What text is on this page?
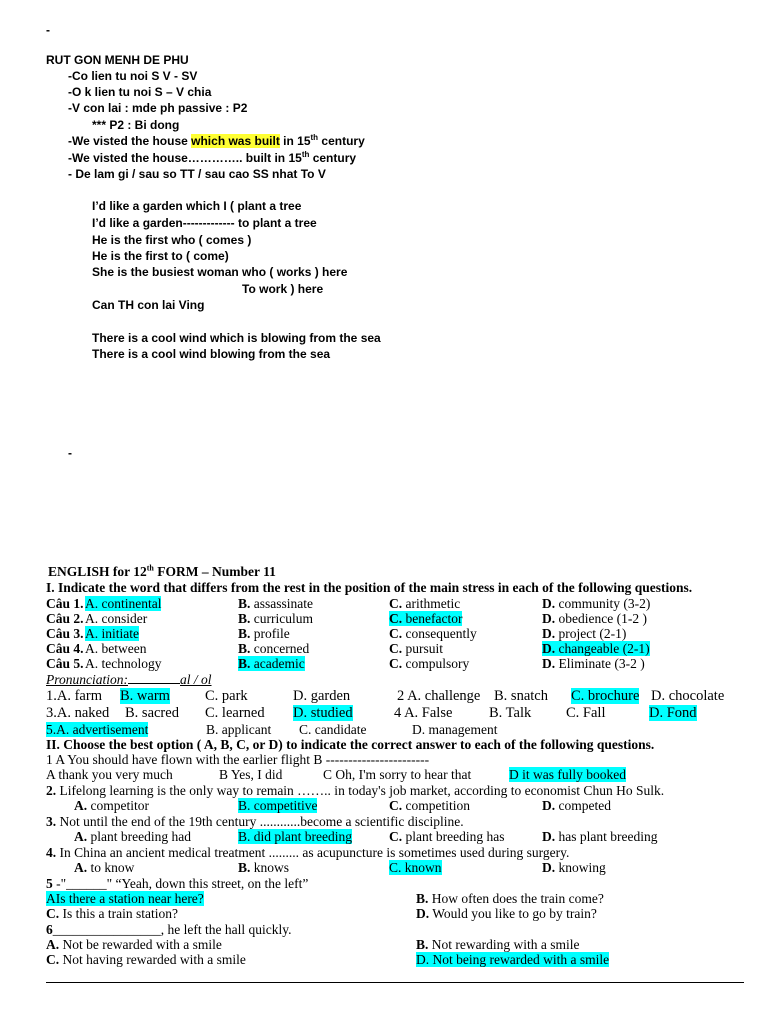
-
RUT GON MENH DE PHU
-Co lien tu noi S V - SV
-O k lien tu noi S – V chia
-V con lai : mde ph passive : P2
*** P2 : Bi dong
-We visted the house which was built in 15th century
-We visted the house………….. built in 15th century
- De lam gi / sau so TT / sau cao SS nhat To V
I’d like a garden which I ( plant a tree
I’d like a garden------------- to plant a tree
He is the first who ( comes )
He is the first to ( come)
She is the busiest woman who ( works ) here
To work ) here
Can TH con lai Ving
There is a cool wind which is blowing from the sea
There is a cool wind blowing from the sea
-
ENGLISH for 12th FORM – Number 11
I. Indicate the word that differs from the rest in the position of the main stress in each of the following questions.
Câu 1. A. continental	B. assassinate	C. arithmetic	D. community (3-2)
Câu 2. A. consider	B. curriculum	C. benefactor	D. obedience (1-2 )
Câu 3. A. initiate	B. profile	C. consequently	D. project (2-1)
Câu 4. A. between	B. concerned	C. pursuit	D. changeable (2-1)
Câu 5. A. technology	B. academic	C. compulsory	D. Eliminate (3-2 )
Pronunciation:	al / ol
1.A. farm B. warm C. park	D. garden	2 A. challenge B. snatch C. brochure D. chocolate
3.A. naked B. sacred C. learned D. studied	4 A. False	B. Talk C. Fall	D. Fond
5.A. advertisement	B. applicant C. candidate	D. management
II. Choose the best option ( A, B, C, or D) to indicate the correct answer to each of the following questions.
1 A You should have flown with the earlier flight B -----------------------
A thank you very much	B Yes, I did	C Oh, I'm sorry to hear that	D it was fully booked
2. Lifelong learning is the only way to remain …….. in today's job market, according to economist Chun Ho Sulk.
A. competitor	B. competitive	C. competition	D. competed
3. Not until the end of the 19th century ............become a scientific discipline.
A. plant breeding had	B. did plant breeding	C. plant breeding has	D. has plant breeding
4. In China an ancient medical treatment ......... as acupuncture is sometimes used during surgery.
A. to know	B. knows	C. known	D. knowing
5 -"______" “Yeah, down this street, on the left”
AIs there a station near here?	B. How often does the train come?
C. Is this a train station?	D. Would you like to go by train?
6________________, he left the hall quickly.
A. Not be rewarded with a smile	B. Not rewarding with a smile
C. Not having rewarded with a smile	D. Not being rewarded with a smile
